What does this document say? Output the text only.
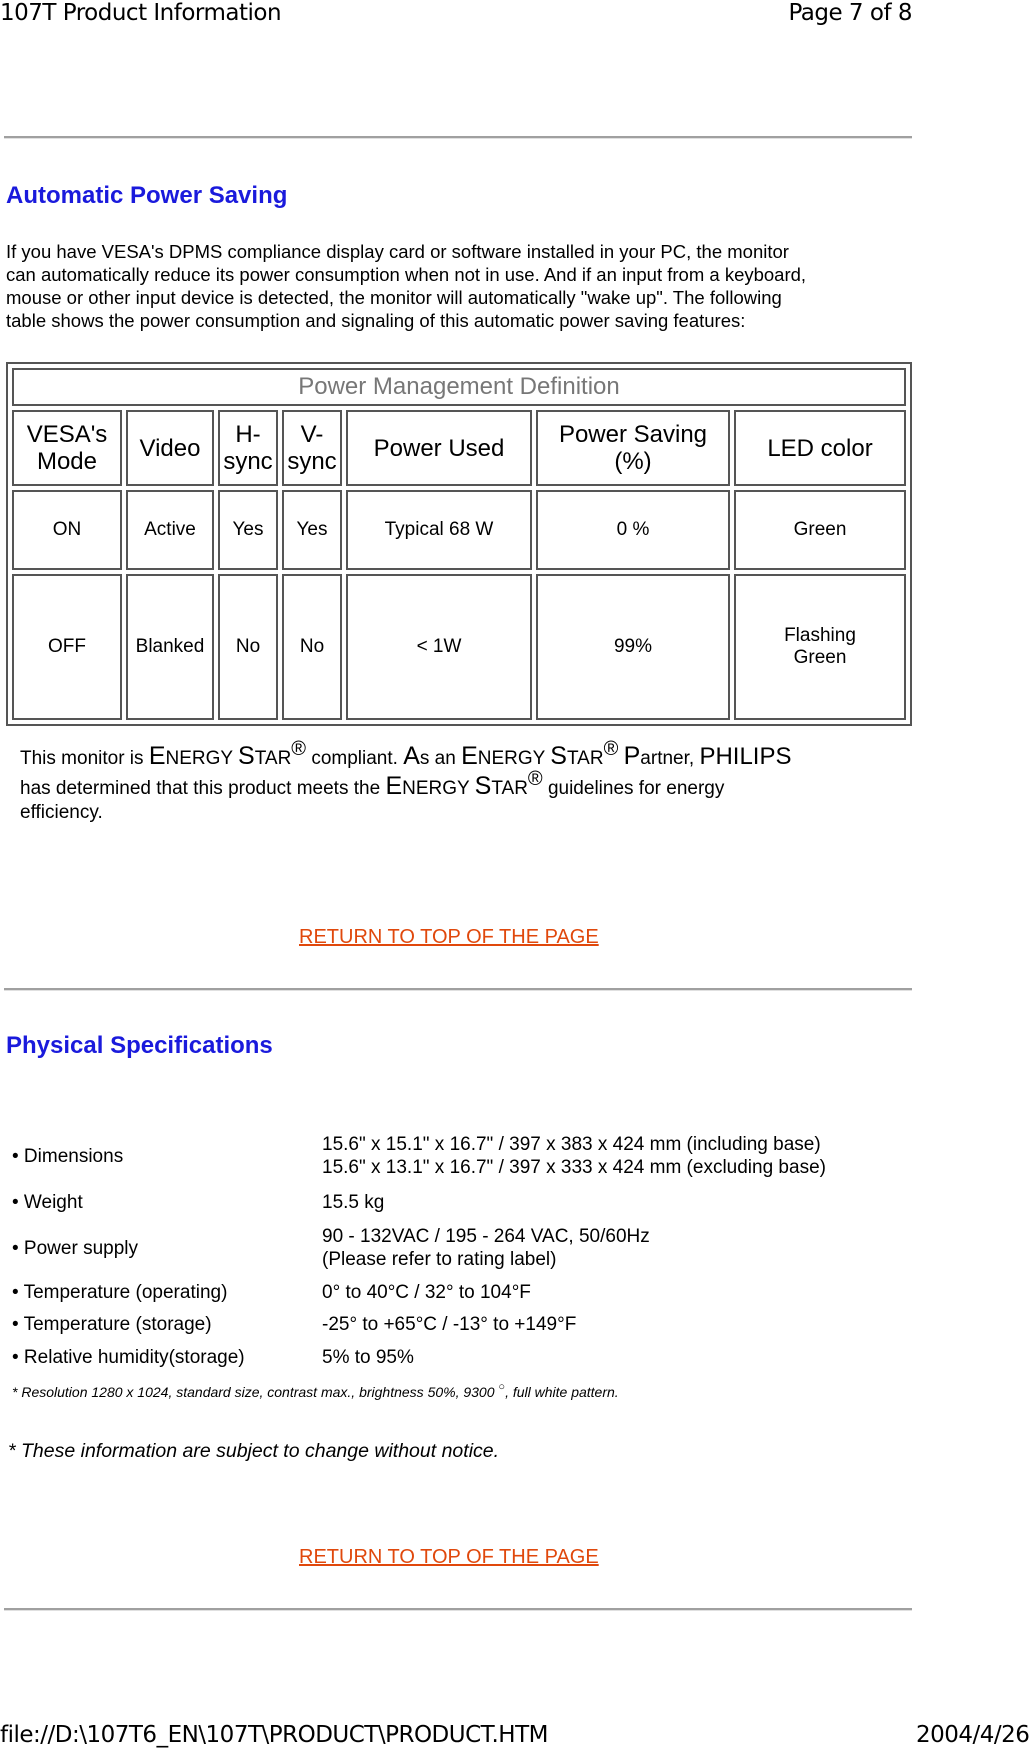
107T Product Information	Page 7 of 8
Automatic Power Saving
If you have VESA's DPMS compliance display card or software installed in your PC, the monitor
can automatically reduce its power consumption when not in use. And if an input from a keyboard,
mouse or other input device is detected, the monitor will automatically "wake up". The following
table shows the power consumption and signaling of this automatic power saving features:
Power Management Definition						
VESA's Mode	Video	H-sync	V-sync	Power Used	Power Saving (%)	LED color
ON	Active	Yes	Yes	Typical 68 W	0 %	Green
OFF	Blanked	No	No	< 1W	99%	Flashing Green
This monitor is ENERGY STAR® compliant. As an ENERGY STAR® Partner, PHILIPS
has determined that this product meets the ENERGY STAR® guidelines for energy
efficiency.
RETURN TO TOP OF THE PAGE
Physical Specifications
• Dimensions	15.6" x 15.1" x 16.7" / 397 x 383 x 424 mm (including base)
15.6" x 13.1" x 16.7" / 397 x 333 x 424 mm (excluding base)

• Weight	15.5 kg
• Power supply	90 - 132VAC / 195 - 264 VAC, 50/60Hz
(Please refer to rating label)

• Temperature (operating)	0° to 40°C / 32° to 104°F
• Temperature (storage)	-25° to +65°C / -13° to +149°F
• Relative humidity(storage)	5% to 95%
* Resolution 1280 x 1024, standard size, contrast max., brightness 50%, 9300 ○, full white pattern.
* These information are subject to change without notice.
RETURN TO TOP OF THE PAGE
file://D:\107T6_EN\107T\PRODUCT\PRODUCT.HTM	2004/4/26
